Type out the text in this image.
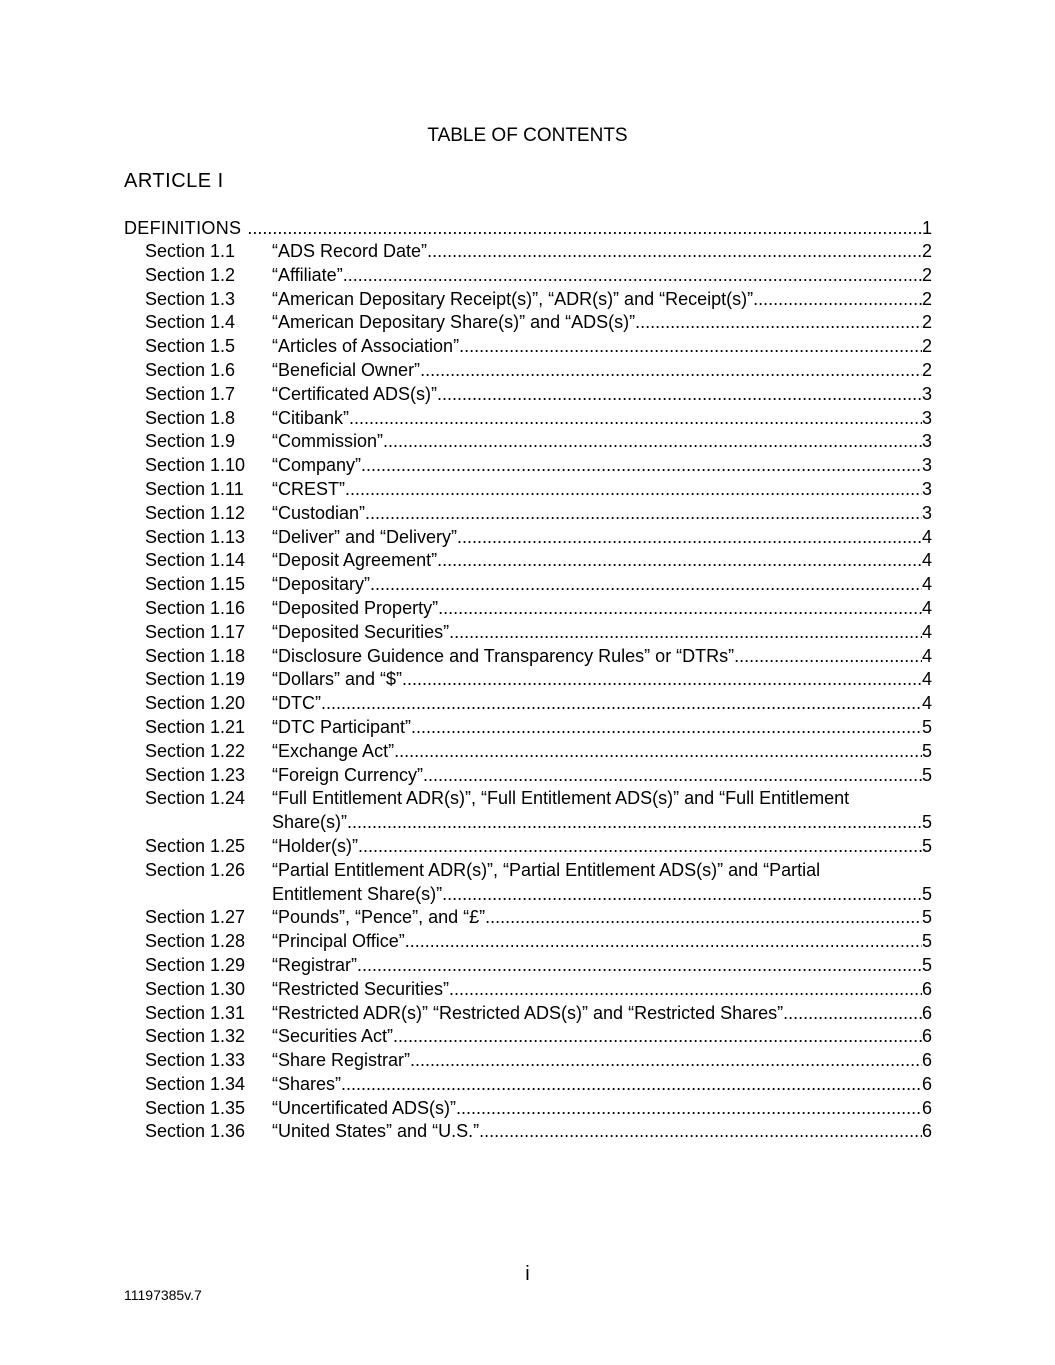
TABLE OF CONTENTS
ARTICLE I
DEFINITIONS .....	1
Section 1.1	“ADS Record Date” .....	2
Section 1.2	“Affiliate” .....	2
Section 1.3	“American Depositary Receipt(s)”, “ADR(s)” and “Receipt(s)” .....	2
Section 1.4	“American Depositary Share(s)” and “ADS(s)” .....	2
Section 1.5	“Articles of Association” .....	2
Section 1.6	“Beneficial Owner” .....	2
Section 1.7	“Certificated ADS(s)” .....	3
Section 1.8	“Citibank” .....	3
Section 1.9	“Commission” .....	3
Section 1.10	“Company” .....	3
Section 1.11	“CREST” .....	3
Section 1.12	“Custodian” .....	3
Section 1.13	“Deliver” and “Delivery” .....	4
Section 1.14	“Deposit Agreement” .....	4
Section 1.15	“Depositary” .....	4
Section 1.16	“Deposited Property” .....	4
Section 1.17	“Deposited Securities” .....	4
Section 1.18	“Disclosure Guidence and Transparency Rules” or “DTRs” .....	4
Section 1.19	“Dollars” and “$” .....	4
Section 1.20	“DTC” .....	4
Section 1.21	“DTC Participant” .....	5
Section 1.22	“Exchange Act” .....	5
Section 1.23	“Foreign Currency” .....	5
Section 1.24	“Full Entitlement ADR(s)”, “Full Entitlement ADS(s)” and “Full Entitlement
Share(s)” .....	5
Section 1.25	“Holder(s)” .....	5
Section 1.26	“Partial Entitlement ADR(s)”, “Partial Entitlement ADS(s)” and “Partial
Entitlement Share(s)” .....	5
Section 1.27	“Pounds”, “Pence”, and “£” .....	5
Section 1.28	“Principal Office” .....	5
Section 1.29	“Registrar” .....	5
Section 1.30	“Restricted Securities” .....	6
Section 1.31	“Restricted ADR(s)” “Restricted ADS(s)” and “Restricted Shares” .....	6
Section 1.32	“Securities Act” .....	6
Section 1.33	“Share Registrar” .....	6
Section 1.34	“Shares” .....	6
Section 1.35	“Uncertificated ADS(s)” .....	6
Section 1.36	“United States” and “U.S.” .....	6
i
11197385v.7
